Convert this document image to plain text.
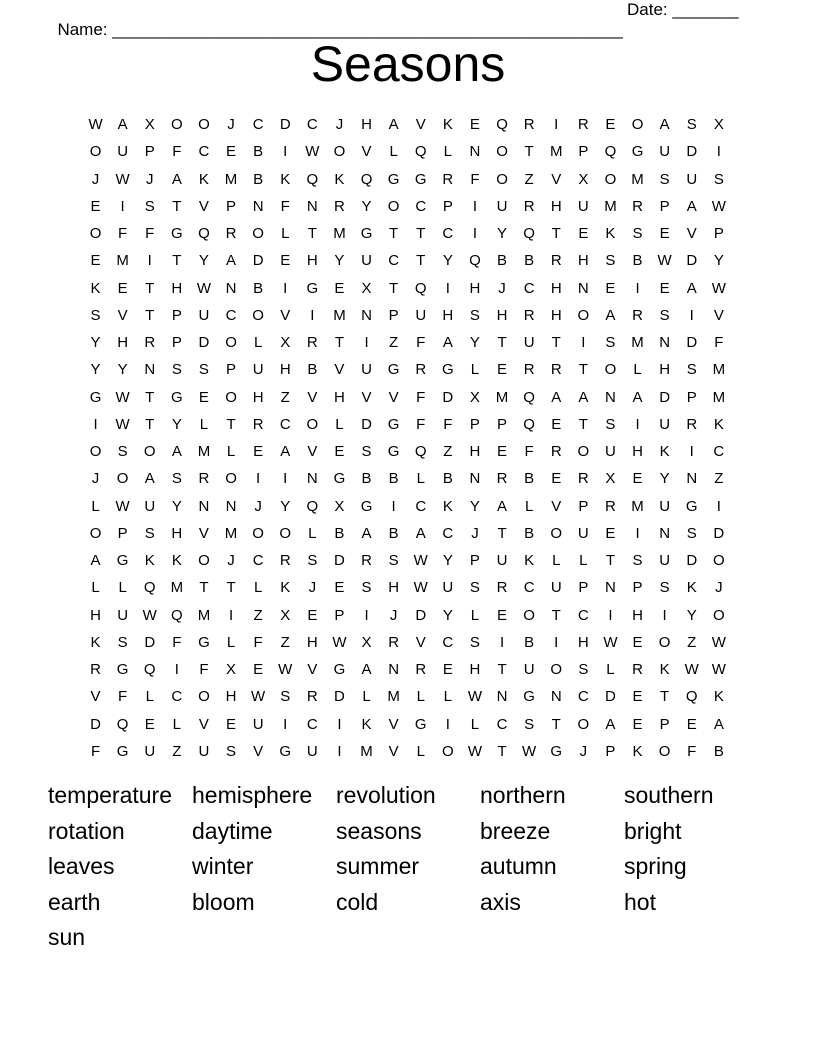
Name: ______________________________________________________

Date: _______

Seasons
W	A	X	O	O	J	C	D	C	J	H	A	V	K	E	Q	R	I	R	E	O	A	S	X
O	U	P	F	C	E	B	I	W O	V	L	Q	L	N	O	T	M	P	Q	G	U	D	I
J	W	J	A	K	M	B	K	Q	K	Q	G	G	R	F	O	Z	V	X	O	M	S	U	S
E	I	S	T	V	P	N	F	N	R	Y	O	C	P	I	U	R	H	U	M	R	P	A	W
O	F	F	G	Q	R	O	L	T	M	G	T	T	C	I	Y	Q	T	E	K	S	E	V	P
E	M	I	T	Y	A	D	E	H	Y	U	C	T	Y	Q	B	B	R	H	S	B	W D	Y
K	E	T	H W N	B	I	G	E	X	T	Q	I	H	J	C	H	N	E	I	E	A	W
S	V	T	P	U	C	O	V	I	M	N	P	U	H	S	H	R	H	O	A	R	S	I	V
Y	H	R	P	D	O	L	X	R	T	I	Z	F	A	Y	T	U	T	I	S	M	N	D	F
Y	Y	N	S	S	P	U	H	B	V	U	G	R	G	L	E	R	R	T	O	L	H	S	M
G W	T	G	E	O	H	Z	V	H	V	V	F	D	X	M	Q	A	A	N	A	D	P	M
I	W	T	Y	L	T	R	C	O	L	D	G	F	F	P	P	Q	E	T	S	I	U	R	K
O	S	O	A	M	L	E	A	V	E	S	G	Q	Z	H	E	F	R	O	U	H	K	I	C
J	O	A	S	R	O	I	I	N	G	B	B	L	B	N	R	B	E	R	X	E	Y	N	Z
L	W U	Y	N	N	J	Y	Q	X	G	I	C	K	Y	A	L	V	P	R	M	U	G	I
O	P	S	H	V	M	O	O	L	B	A	B	A	C	J	T	B	O	U	E	I	N	S	D
A	G	K	K	O	J	C	R	S	D	R	S	W	Y	P	U	K	L	L	T	S	U	D	O
L	L	Q	M	T	T	L	K	J	E	S	H W U	S	R	C	U	P	N	P	S	K	J
H	U W Q	M	I	Z	X	E	P	I	J	D	Y	L	E	O	T	C	I	H	I	Y	O
K	S	D	F	G	L	F	Z	H W	X	R	V	C	S	I	B	I	H W	E	O	Z	W
R	G	Q	I	F	X	E	W	V	G	A	N	R	E	H	T	U	O	S	L	R	K	W W
V	F	L	C	O	H W	S	R	D	L	M	L	L	W N	G	N	C	D	E	T	Q	K
D	Q	E	L	V	E	U	I	C	I	K	V	G	I	L	C	S	T	O	A	E	P	E	A
F	G	U	Z	U	S	V	G	U	I	M	V	L	O W	T	W G	J	P	K	O	F	B
temperature hemisphere revolution northern	southern
rotation	daytime	seasons	breeze	bright
leaves	winter	summer	autumn	spring
earth	bloom	cold	axis	hot
sun
